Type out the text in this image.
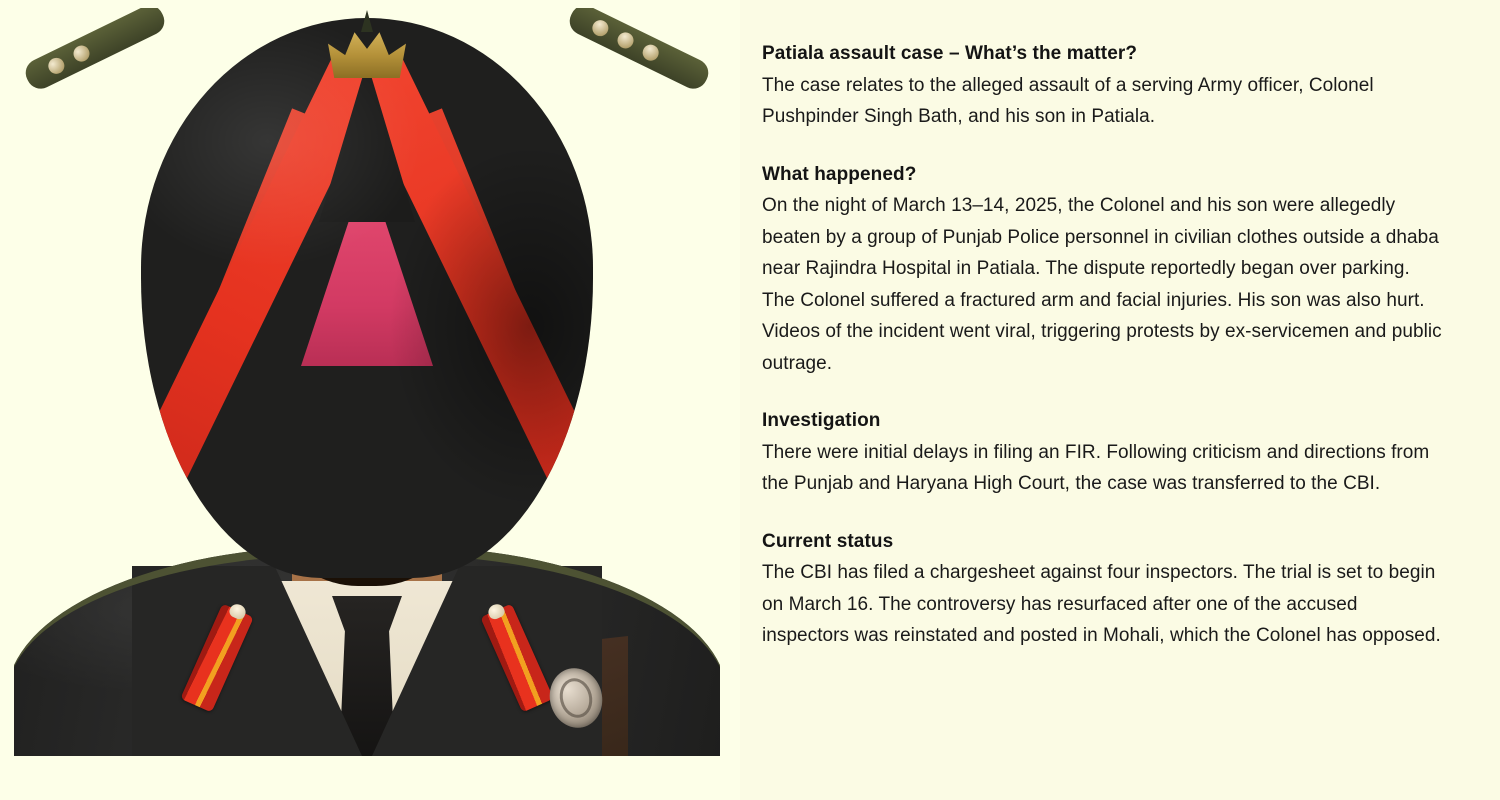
Patiala assault case – What’s the matter?

The case relates to the alleged assault of a serving Army officer, Colonel Pushpinder Singh Bath, and his son in Patiala.

What happened?

On the night of March 13–14, 2025, the Colonel and his son were allegedly beaten by a group of Punjab Police personnel in civilian clothes outside a dhaba near Rajindra Hospital in Patiala. The dispute reportedly began over parking. The Colonel suffered a fractured arm and facial injuries. His son was also hurt. Videos of the incident went viral, triggering protests by ex-servicemen and public outrage.

Investigation

There were initial delays in filing an FIR. Following criticism and directions from the Punjab and Haryana High Court, the case was transferred to the CBI.

Current status

The CBI has filed a chargesheet against four inspectors. The trial is set to begin on March 16. The controversy has resurfaced after one of the accused inspectors was reinstated and posted in Mohali, which the Colonel has opposed.
